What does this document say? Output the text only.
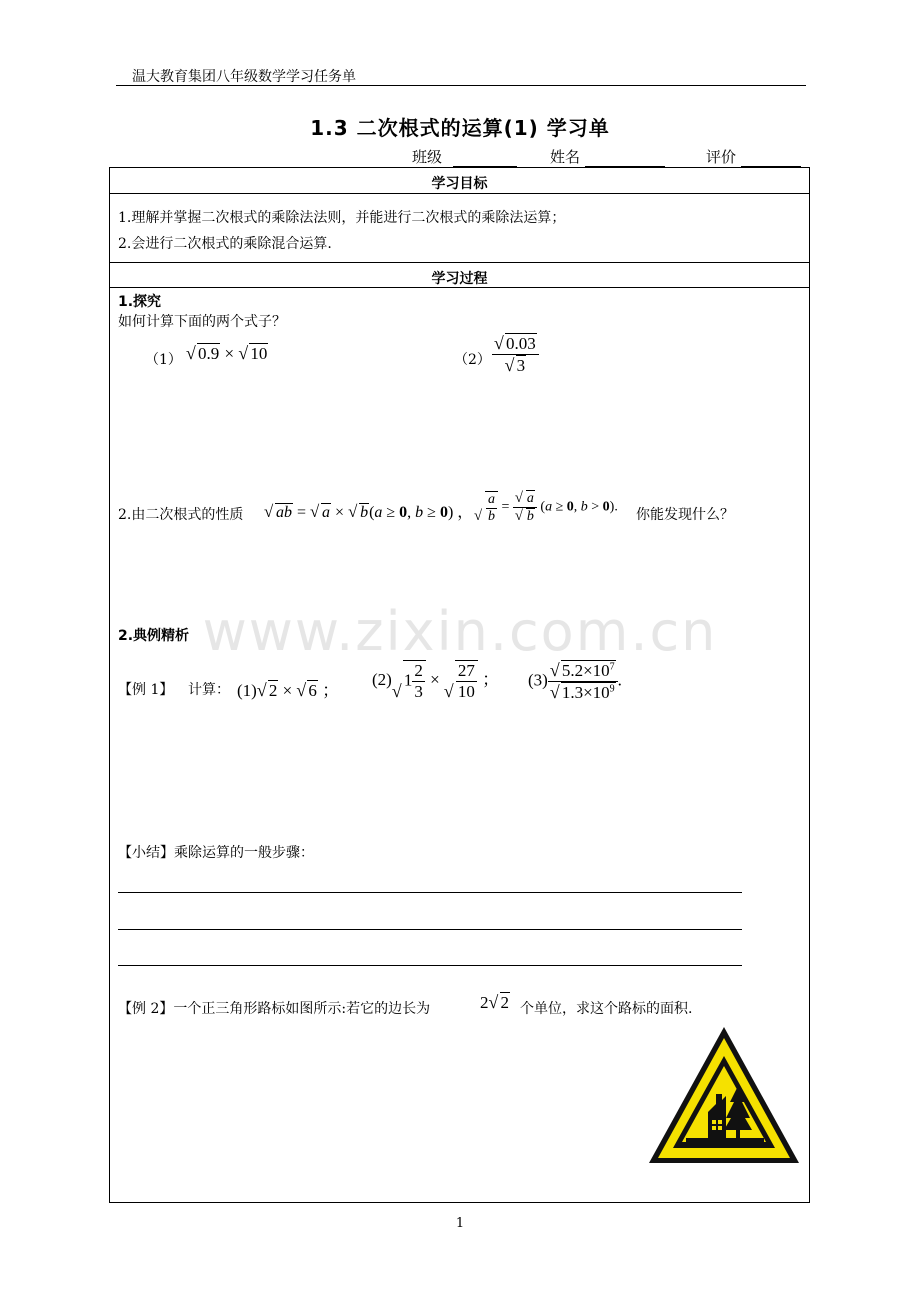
温大教育集团八年级数学学习任务单
1.3 二次根式的运算(1) 学习单
班级	姓名	评价
学习目标
1.理解并掌握二次根式的乘除法法则，并能进行二次根式的乘除法运算；
2.会进行二次根式的乘除混合运算.
学习过程
1.探究
如何计算下面的两个式子？
（1） √ 0.9 × √ 10	（2） √ 0.03
√ 3
2.由二次根式的性质	√ ab = √ a × √ b(a ≥ 0, b ≥ 0) ， √ $\frac{a}{b}$ = √ a
√ b (a ≥ 0, b > 0). 你能发现什么？
www.zixin.com.cn
2.典例精析
【例 1】 计算： (1) √ 2 × √ 6 ；
(2) √ $1 \frac{2}{3}$ × √ $\frac{27}{10}$ ； (3) √ $5.2\times 10^7$
√ $1.3\times 10^9$ .
【小结】乘除运算的一般步骤：
【例 2】一个正三角形路标如图所示:若它的边长为	2 √ 2 个单位，求这个路标的面积.
1
